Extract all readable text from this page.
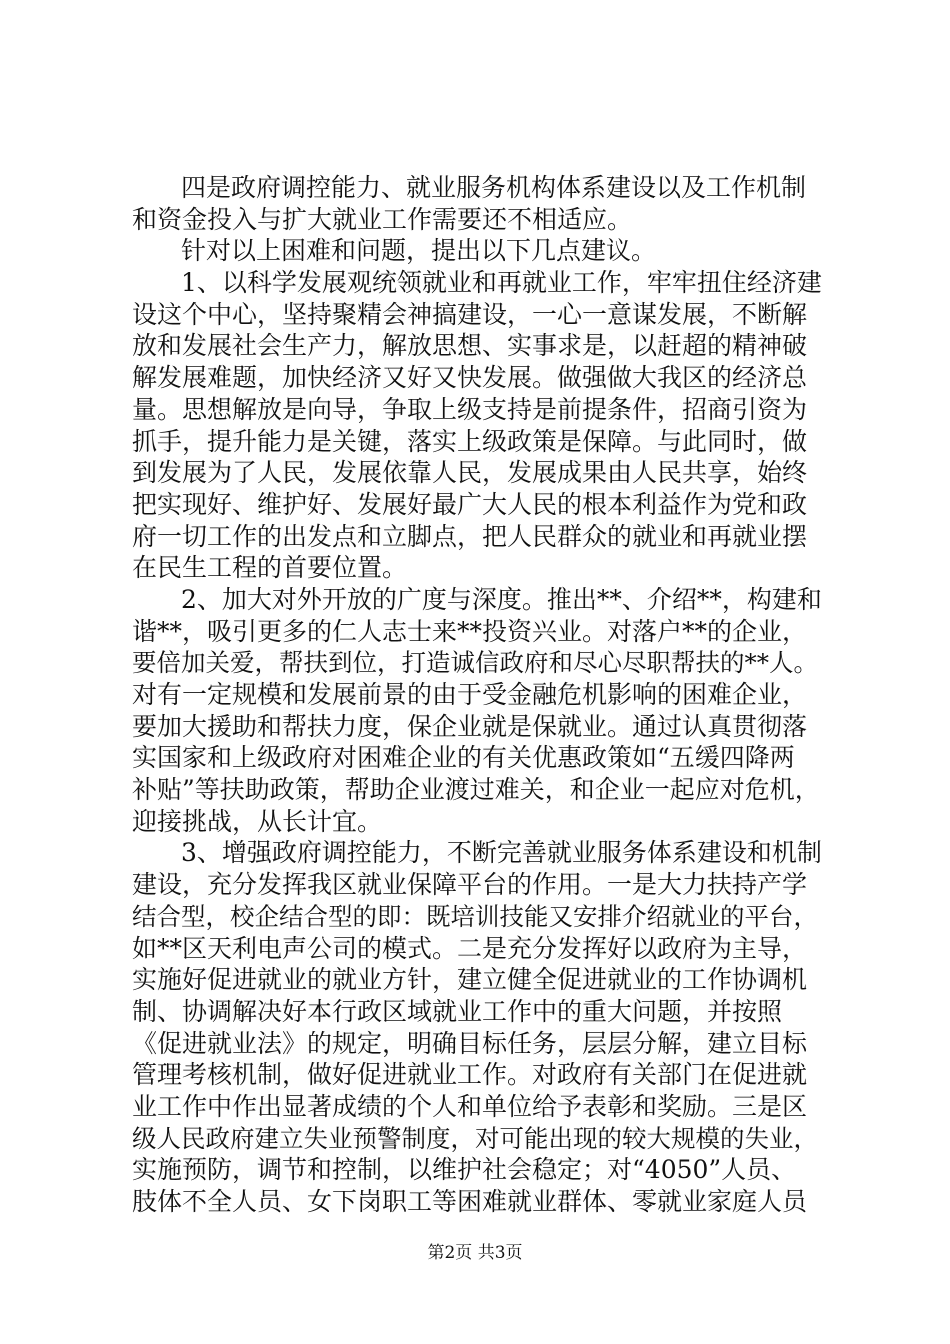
四是政府调控能力、就业服务机构体系建设以及工作机制
和资金投入与扩大就业工作需要还不相适应。
针对以上困难和问题，提出以下几点建议。
1、以科学发展观统领就业和再就业工作，牢牢扭住经济建
设这个中心，坚持聚精会神搞建设，一心一意谋发展，不断解
放和发展社会生产力，解放思想、实事求是，以赶超的精神破
解发展难题，加快经济又好又快发展。做强做大我区的经济总
量。思想解放是向导，争取上级支持是前提条件，招商引资为
抓手，提升能力是关键，落实上级政策是保障。与此同时，做
到发展为了人民，发展依靠人民，发展成果由人民共享，始终
把实现好、维护好、发展好最广大人民的根本利益作为党和政
府一切工作的出发点和立脚点，把人民群众的就业和再就业摆
在民生工程的首要位置。
2、加大对外开放的广度与深度。推出**、介绍**，构建和
谐**，吸引更多的仁人志士来**投资兴业。对落户**的企业，
要倍加关爱，帮扶到位，打造诚信政府和尽心尽职帮扶的**人。
对有一定规模和发展前景的由于受金融危机影响的困难企业，
要加大援助和帮扶力度，保企业就是保就业。通过认真贯彻落
实国家和上级政府对困难企业的有关优惠政策如“五缓四降两
补贴”等扶助政策，帮助企业渡过难关，和企业一起应对危机，
迎接挑战，从长计宜。
3、增强政府调控能力，不断完善就业服务体系建设和机制
建设，充分发挥我区就业保障平台的作用。一是大力扶持产学
结合型，校企结合型的即：既培训技能又安排介绍就业的平台，
如**区天利电声公司的模式。二是充分发挥好以政府为主导，
实施好促进就业的就业方针，建立健全促进就业的工作协调机
制、协调解决好本行政区域就业工作中的重大问题，并按照
《促进就业法》的规定，明确目标任务，层层分解，建立目标
管理考核机制，做好促进就业工作。对政府有关部门在促进就
业工作中作出显著成绩的个人和单位给予表彰和奖励。三是区
级人民政府建立失业预警制度，对可能出现的较大规模的失业，
实施预防，调节和控制，以维护社会稳定；对“4050”人员、
肢体不全人员、女下岗职工等困难就业群体、零就业家庭人员
第2页 共3页
